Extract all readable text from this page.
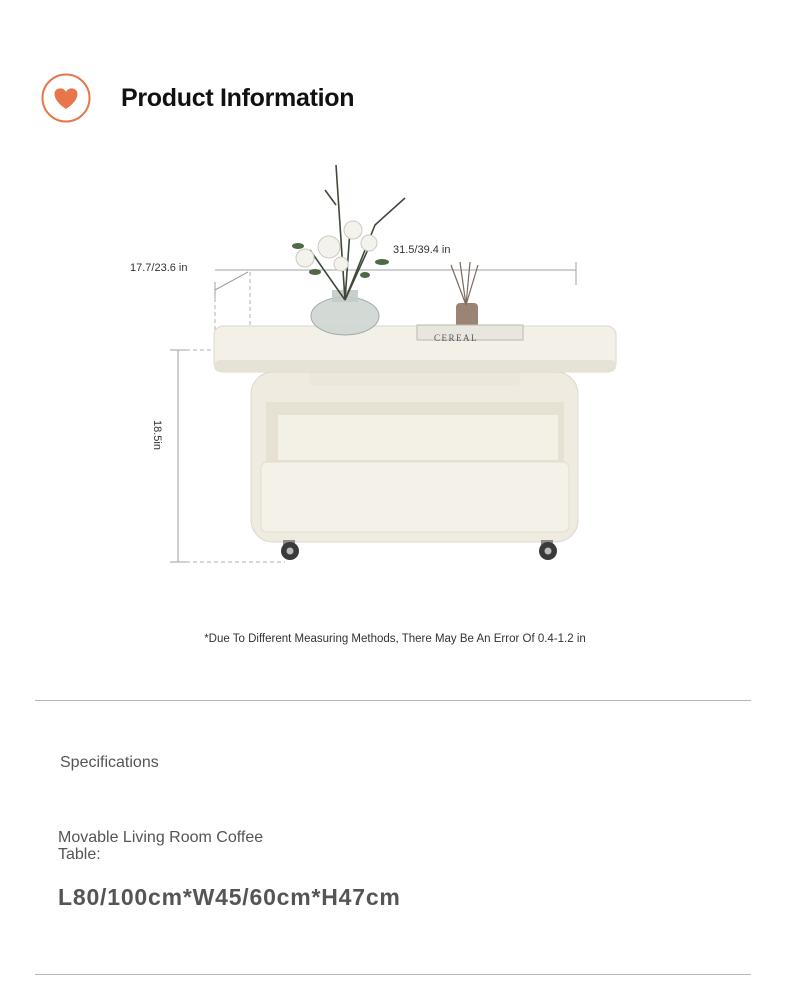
Product Information
CEREAL
17.7/23.6 in
31.5/39.4 in
18.5in
*Due To Different Measuring Methods, There May Be An Error Of 0.4-1.2 in
Specifications
Movable Living Room Coffee Table:
L80/100cm*W45/60cm*H47cm
